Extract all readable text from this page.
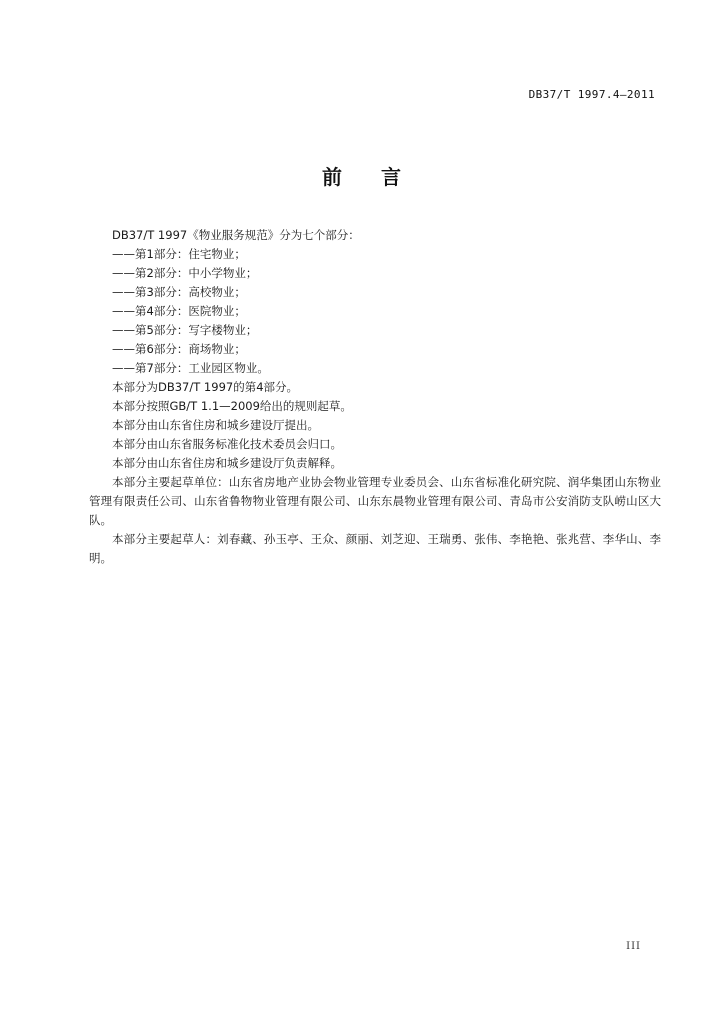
DB37/T 1997.4—2011
前 言

DB37/T 1997《物业服务规范》分为七个部分：

——第1部分：住宅物业；

——第2部分：中小学物业；

——第3部分：高校物业；

——第4部分：医院物业；

——第5部分：写字楼物业；

——第6部分：商场物业；

——第7部分：工业园区物业。

本部分为DB37/T 1997的第4部分。

本部分按照GB/T 1.1—2009给出的规则起草。

本部分由山东省住房和城乡建设厅提出。

本部分由山东省服务标准化技术委员会归口。

本部分由山东省住房和城乡建设厅负责解释。

本部分主要起草单位：山东省房地产业协会物业管理专业委员会、山东省标准化研究院、润华集团山东物业管理有限责任公司、山东省鲁物物业管理有限公司、山东东晨物业管理有限公司、青岛市公安消防支队崂山区大队。

本部分主要起草人：刘春藏、孙玉亭、王众、颜丽、刘芝迎、王瑞勇、张伟、李艳艳、张兆营、李华山、李明。

III
